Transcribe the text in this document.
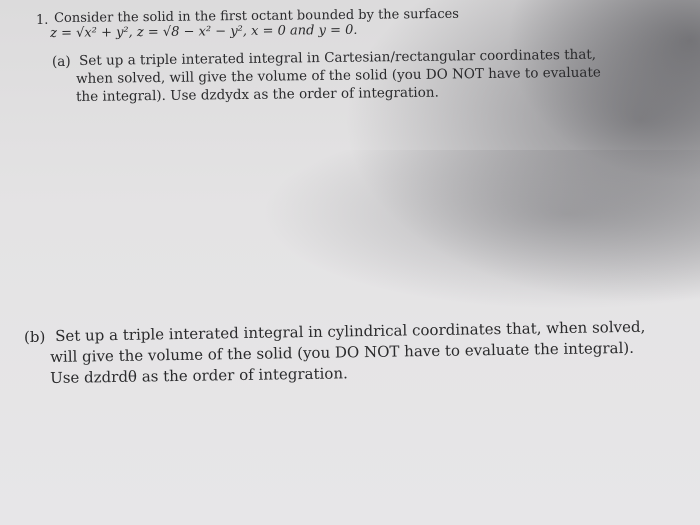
1. Consider the solid in the first octant bounded by the surfaces
z = √x² + y², z = √8 − x² − y², x = 0 and y = 0.
(a) Set up a triple interated integral in Cartesian/rectangular coordinates that,
when solved, will give the volume of the solid (you DO NOT have to evaluate
the integral). Use dzdydx as the order of integration.
(b) Set up a triple interated integral in cylindrical coordinates that, when solved,
will give the volume of the solid (you DO NOT have to evaluate the integral).
Use dzdrdθ as the order of integration.
